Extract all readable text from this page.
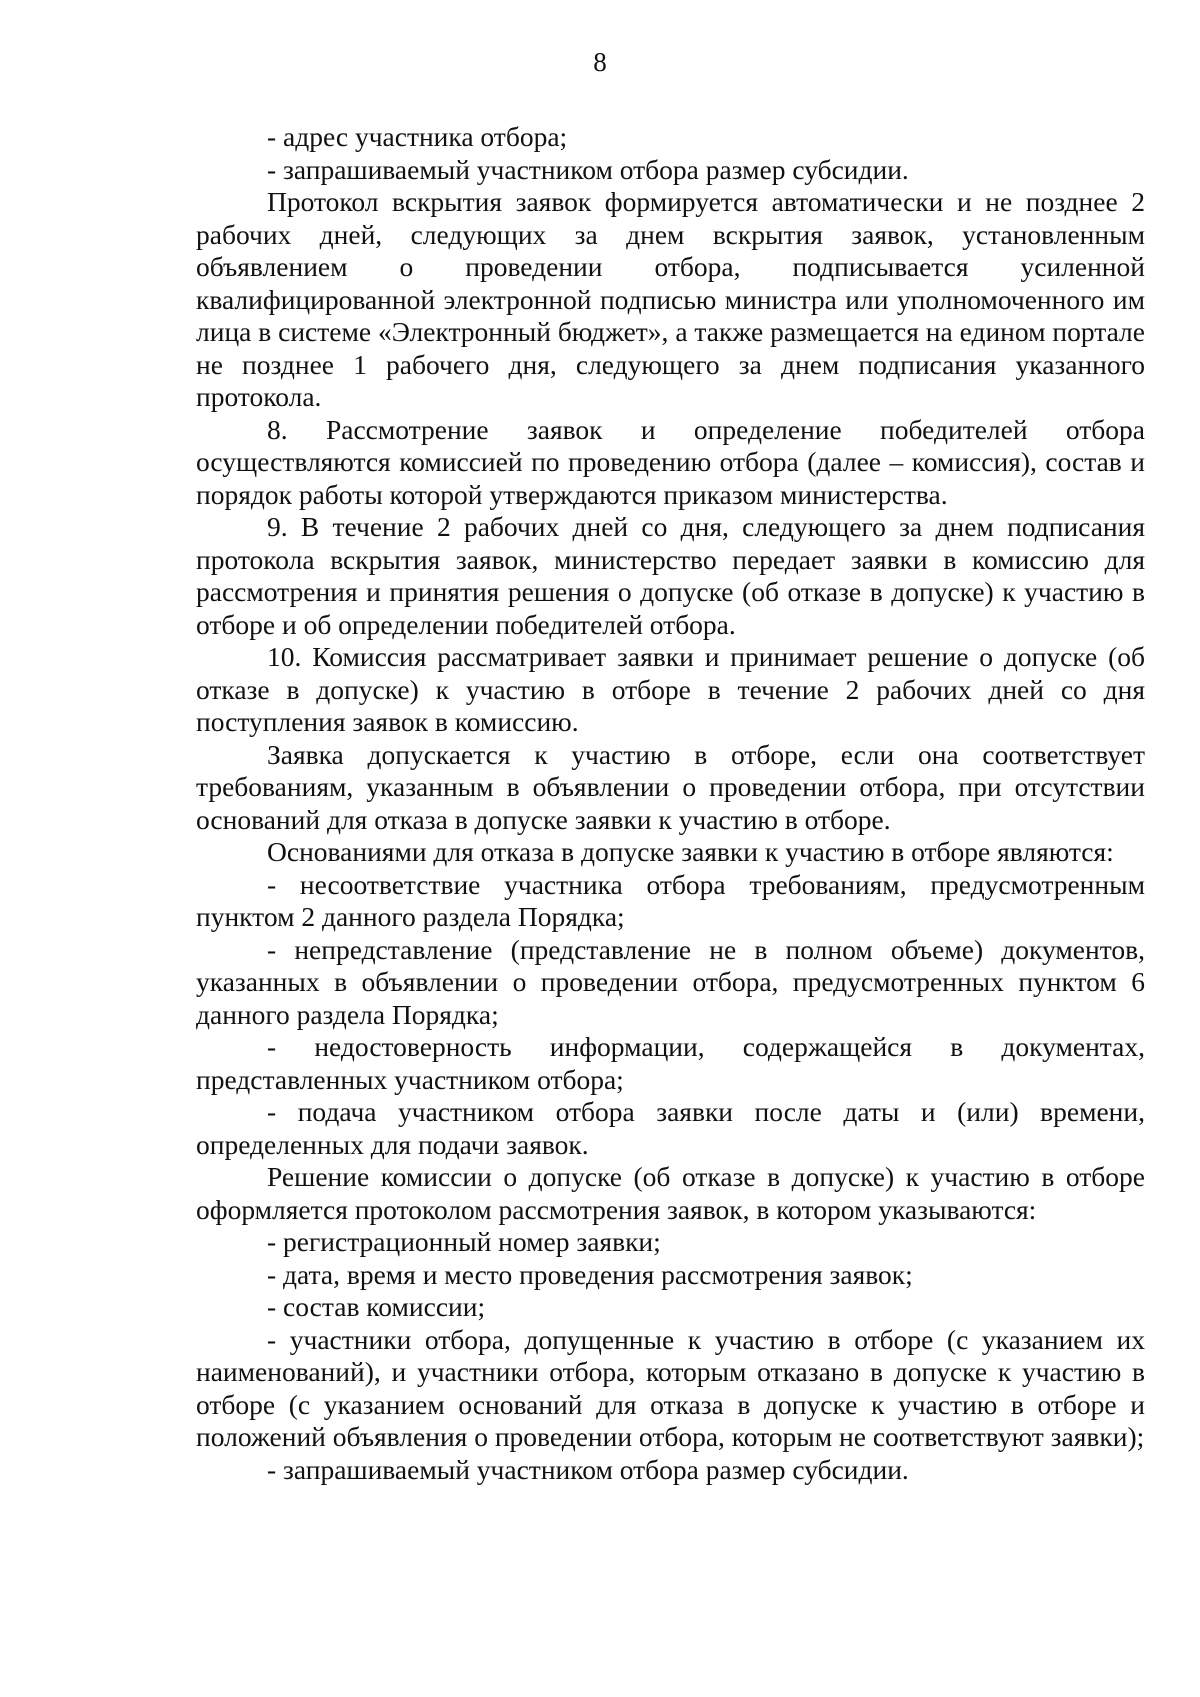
8

- адрес участника отбора;

- запрашиваемый участником отбора размер субсидии.

Протокол вскрытия заявок формируется автоматически и не позднее 2 рабочих дней, следующих за днем вскрытия заявок, установленным объявлением о проведении отбора, подписывается усиленной квалифицированной электронной подписью министра или уполномоченного им лица в системе «Электронный бюджет», а также размещается на едином портале не позднее 1 рабочего дня, следующего за днем подписания указанного протокола.

8. Рассмотрение заявок и определение победителей отбора осуществляются комиссией по проведению отбора (далее – комиссия), состав и порядок работы которой утверждаются приказом министерства.

9. В течение 2 рабочих дней со дня, следующего за днем подписания протокола вскрытия заявок, министерство передает заявки в комиссию для рассмотрения и принятия решения о допуске (об отказе в допуске) к участию в отборе и об определении победителей отбора.

10. Комиссия рассматривает заявки и принимает решение о допуске (об отказе в допуске) к участию в отборе в течение 2 рабочих дней со дня поступления заявок в комиссию.

Заявка допускается к участию в отборе, если она соответствует требованиям, указанным в объявлении о проведении отбора, при отсутствии оснований для отказа в допуске заявки к участию в отборе.

Основаниями для отказа в допуске заявки к участию в отборе являются:

- несоответствие участника отбора требованиям, предусмотренным пунктом 2 данного раздела Порядка;

- непредставление (представление не в полном объеме) документов, указанных в объявлении о проведении отбора, предусмотренных пунктом 6 данного раздела Порядка;

- недостоверность информации, содержащейся в документах, представленных участником отбора;

- подача участником отбора заявки после даты и (или) времени, определенных для подачи заявок.

Решение комиссии о допуске (об отказе в допуске) к участию в отборе оформляется протоколом рассмотрения заявок, в котором указываются:

- регистрационный номер заявки;

- дата, время и место проведения рассмотрения заявок;

- состав комиссии;

- участники отбора, допущенные к участию в отборе (с указанием их наименований), и участники отбора, которым отказано в допуске к участию в отборе (с указанием оснований для отказа в допуске к участию в отборе и положений объявления о проведении отбора, которым не соответствуют заявки);

- запрашиваемый участником отбора размер субсидии.
